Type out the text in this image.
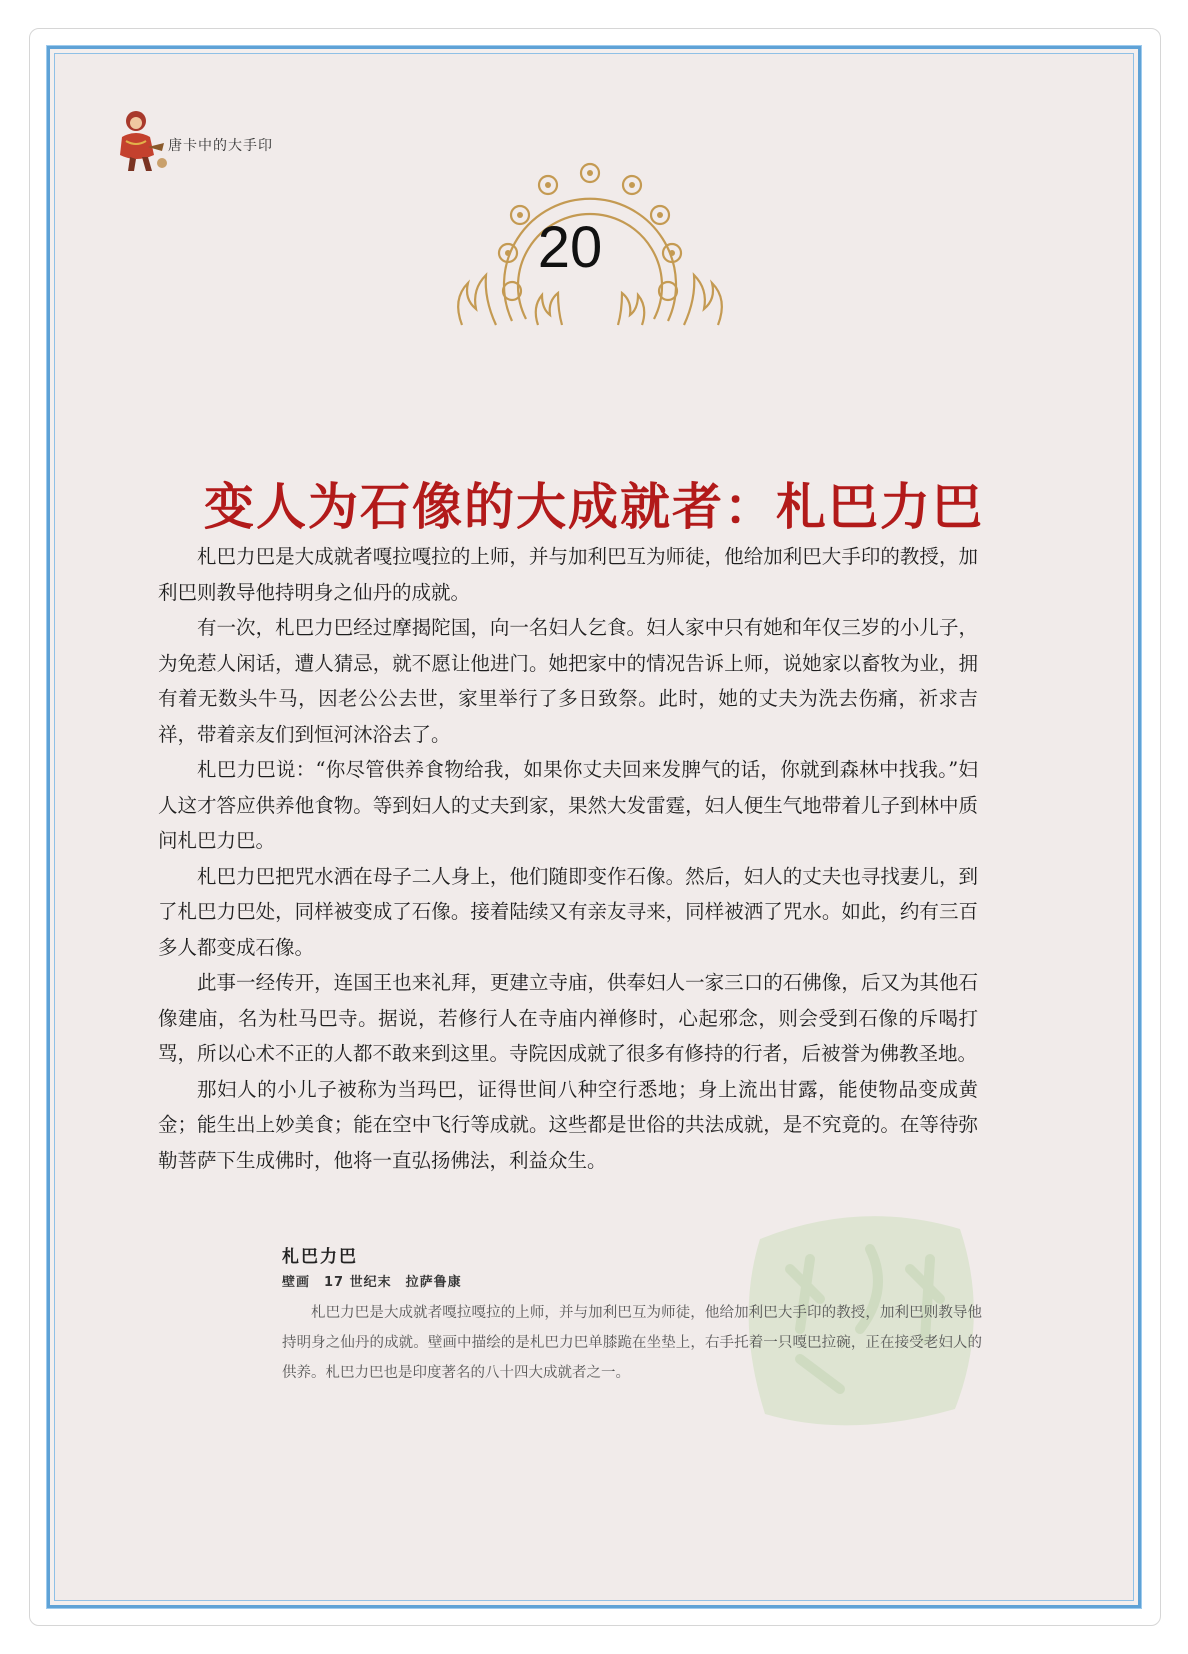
唐卡中的大手印
20
变人为石像的大成就者：札巴力巴

札巴力巴是大成就者嘎拉嘎拉的上师，并与加利巴互为师徒，他给加利巴大手印的教授，加利巴则教导他持明身之仙丹的成就。

有一次，札巴力巴经过摩揭陀国，向一名妇人乞食。妇人家中只有她和年仅三岁的小儿子，为免惹人闲话，遭人猜忌，就不愿让他进门。她把家中的情况告诉上师，说她家以畜牧为业，拥有着无数头牛马，因老公公去世，家里举行了多日致祭。此时，她的丈夫为洗去伤痛，祈求吉祥，带着亲友们到恒河沐浴去了。

札巴力巴说：“你尽管供养食物给我，如果你丈夫回来发脾气的话，你就到森林中找我。”妇人这才答应供养他食物。等到妇人的丈夫到家，果然大发雷霆，妇人便生气地带着儿子到林中质问札巴力巴。

札巴力巴把咒水洒在母子二人身上，他们随即变作石像。然后，妇人的丈夫也寻找妻儿，到了札巴力巴处，同样被变成了石像。接着陆续又有亲友寻来，同样被洒了咒水。如此，约有三百多人都变成石像。

此事一经传开，连国王也来礼拜，更建立寺庙，供奉妇人一家三口的石佛像，后又为其他石像建庙，名为杜马巴寺。据说，若修行人在寺庙内禅修时，心起邪念，则会受到石像的斥喝打骂，所以心术不正的人都不敢来到这里。寺院因成就了很多有修持的行者，后被誉为佛教圣地。

那妇人的小儿子被称为当玛巴，证得世间八种空行悉地；身上流出甘露，能使物品变成黄金；能生出上妙美食；能在空中飞行等成就。这些都是世俗的共法成就，是不究竟的。在等待弥勒菩萨下生成佛时，他将一直弘扬佛法，利益众生。

札巴力巴
壁画　17 世纪末　拉萨鲁康

札巴力巴是大成就者嘎拉嘎拉的上师，并与加利巴互为师徒，他给加利巴大手印的教授，加利巴则教导他持明身之仙丹的成就。壁画中描绘的是札巴力巴单膝跪在坐垫上，右手托着一只嘎巴拉碗，正在接受老妇人的供养。札巴力巴也是印度著名的八十四大成就者之一。
